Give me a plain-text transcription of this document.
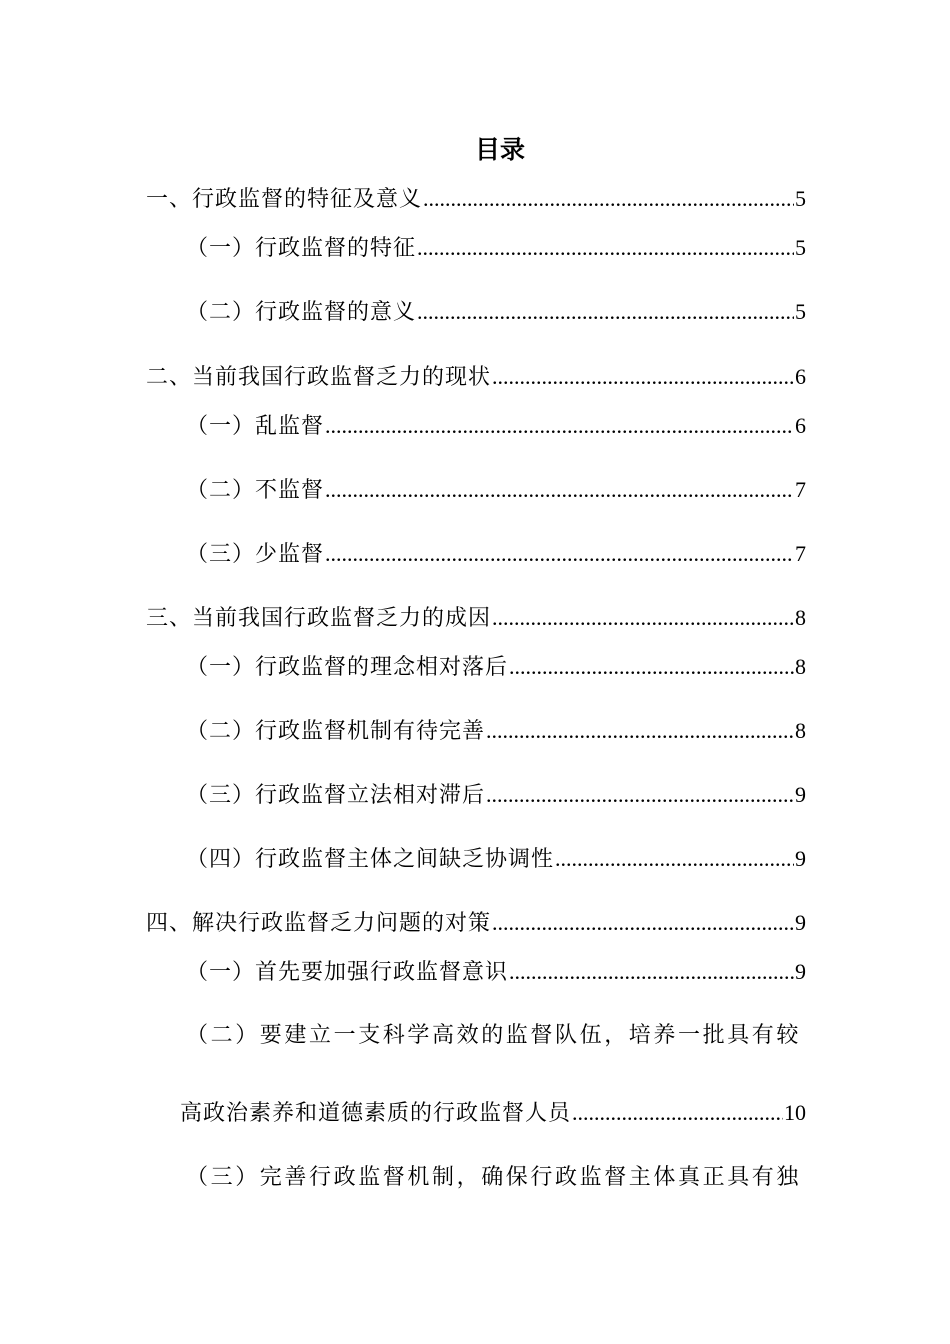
目录
一、行政监督的特征及意义 .....	5
（一）行政监督的特征 .....	5
（二）行政监督的意义 .....	5
二、当前我国行政监督乏力的现状 .....	6
（一）乱监督 .....	6
（二）不监督 .....	7
（三）少监督 .....	7
三、当前我国行政监督乏力的成因 .....	8
（一）行政监督的理念相对落后 .....	8
（二）行政监督机制有待完善 .....	8
（三）行政监督立法相对滞后 .....	9
（四）行政监督主体之间缺乏协调性 .....	9
四、解决行政监督乏力问题的对策 .....	9
（一）首先要加强行政监督意识 .....	9
（二）要建立一支科学高效的监督队伍，培养一批具有较
高政治素养和道德素质的行政监督人员 .....	10
（三）完善行政监督机制，确保行政监督主体真正具有独
